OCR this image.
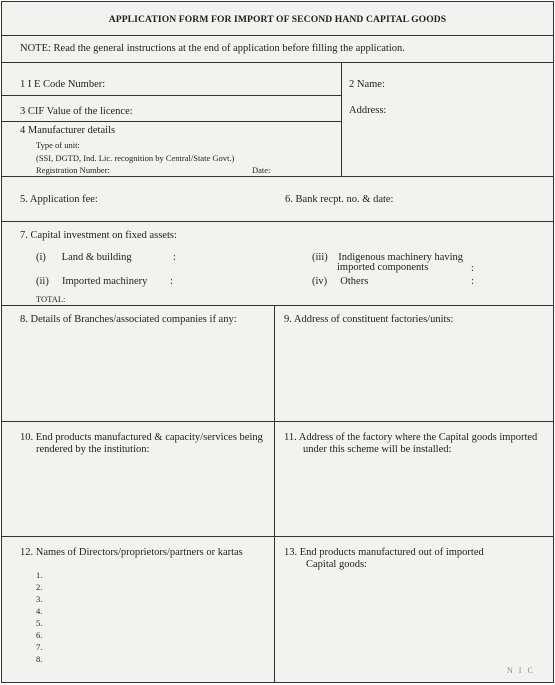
APPLICATION FORM FOR IMPORT OF SECOND HAND CAPITAL GOODS
NOTE: Read the general instructions at the end of application before filling the application.
1 I E Code Number:	2 Name:
Address:
3 CIF Value of the licence:
4 Manufacturer details
Type of unit:
(SSI, DGTD, Ind. Lic. recognition by Central/State Govt.)
Registration Number:	Date:
5. Application fee:	6. Bank recpt. no. & date:
7. Capital investment on fixed assets:
(i)      Land & building	:
(ii)     Imported machinery :
(iii)    Indigenous machinery having
imported components	:
(iv)     Others	:
TOTAL:
8. Details of Branches/associated companies if any:	9. Address of constituent factories/units:
10. End products manufactured & capacity/services being
rendered by the institution:
11. Address of the factory where the Capital goods imported
under this scheme will be installed:
12. Names of Directors/proprietors/partners or kartas
1.
2.
3.
4.
5.
6.
7.
8.
13. End products manufactured out of imported
Capital goods:
N I C
